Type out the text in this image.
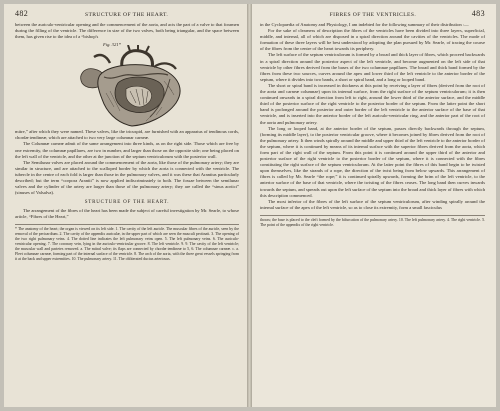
482	STRUCTURE OF THE HEART.

between the auriculo-ventricular opening and the commencement of the aorta, and acts the part of a valve to that foramen during the filling of the ventricle. The difference in size of the two valves, both being triangular, and the space between them, has given rise to the idea of a “bishop's

Fig. 321*

mitre,” after which they were named. These valves, like the tricuspid, are furnished with an apparatus of tendinous cords, chordæ tendineæ, which are attached to two very large columnar carneæ.

The Columnæ carneæ admit of the same arrangement into three kinds, as on the right side. Those which are free by one extremity, the columnæ papillares, are two in number, and larger than those on the opposite side; one being placed on the left wall of the ventricle, and the other at the junction of the septum ventriculorum with the posterior wall.

The Semilunar valves are placed around the commencement of the aorta, like those of the pulmonary artery; they are similar in structure, and are attached to the scalloped border by which the aorta is connected with the ventricle. The tubercle in the centre of each fold is larger than those in the pulmonary valves, and it was these that Arantius particularly described; but the term “corpora Arantii” is now applied indiscriminately to both. The fossae between the semilunar valves and the cylinder of the artery are larger than those of the pulmonary artery; they are called the “sinus aortici” (sinuses of Valsalva).

STRUCTURE OF THE HEART.

The arrangement of the fibres of the heart has been made the subject of careful investigation by Mr. Searle, to whose article, “Fibres of the Heart,”

* The anatomy of the heart; the organ is viewed on its left side. 1. The cavity of the left auricle. The muscular fibres of the auricle, seen by the removal of the pericardium. 2. The cavity of the appendix auriculæ, in the upper part of which are seen the musculi pectinati. 3. The opening of the two right pulmonary veins. 4. The dotted line indicates the left pulmonary veins open. 5. The left pulmonary veins. 6. The auriculo-ventricular opening. 7. The coronary vein, lying in the auriculo-ventricular groove. 8. The left ventricle. 9. 9. The cavity of the left ventricle; the muscular wall and parietes removed. a. The mitral valve; its flaps are connected by chordæ tendineæ to 5, 6. The columnae carneæ. c. a. Fleet columnae carneæ, forming part of the internal surface of the ventricle. 8. The arch of the aorta, with the three great vessels springing from it at the back and upper extremities. 10. The pulmonary artery. 11. The obliterated ductus arteriosus.
FIBRES OF THE VENTRICLES.	483

in the Cyclopaedia of Anatomy and Physiology, I am indebted for the following summary of their distribution :—

For the sake of clearness of description the fibres of the ventricles have been divided into three layers, superficial, middle, and internal, all of which are disposed in a spiral direction around the cavities of the ventricles. The mode of formation of these three layers will be best understood by adopting the plan pursued by Mr. Searle, of tracing the course of the fibres from the centre of the heart towards its periphery.

The left surface of the septum ventriculorum is formed by a broad and thick layer of fibres, which proceed backwards in a spiral direction around the posterior aspect of the left ventricle, and become augmented on the left side of that ventricle by other fibres derived from the bases of the two columnae papillares. The broad and thick band formed by the fibres from these two sources, curves around the apex and lower third of the left ventricle to the anterior border of the septum, where it divides into two bands, a short or spiral band, and a long or looped band.

The short or spiral band is increased in thickness at this point by receiving a layer of fibres (derived from the root of the aorta and carneæ columnae) upon its internal surface, from the right surface of the septum ventriculorum; it is then continued onwards in a spiral direction from left to right, around the lower third of the anterior surface, and the middle third of the posterior surface of the right ventricle to the posterior border of the septum. From the latter point the short band is prolonged around the posterior and outer border of the left ventricle to the anterior surface of the base of that ventricle, and is inserted into the anterior border of the left auriculo-ventricular ring, and the anterior part of the root of the aorta and pulmonary artery.

The long or looped band, at the anterior border of the septum, passes directly backwards through the septum, (forming its middle layer), to the posterior ventricular groove, where it becomes joined by fibres derived from the root of the pulmonary artery. It then winds spirally around the middle and upper third of the left ventricle to the anterior border of the septum, where it is continued by means of its internal surface with the superior fibres derived from the aorta, which form part of the right wall of the septum. From this point it is continued around the upper third of the anterior and posterior surface of the right ventricle to the posterior border of the septum, where it is connected with the fibres constituting the right surface of the septum ventriculorum. At the latter point the fibres of this band begin to be twisted upon themselves, like the strands of a rope, the direction of the twist being from below upwards. This arrangement of fibres is called by Mr. Searle “the rope;” it is continued spirally upwards, forming the brim of the left ventricle, to the anterior surface of the base of that ventricle, where the twisting of the fibres ceases. The long band then curves inwards towards the septum, and spreads out upon the left surface of the septum into the broad and thick layer of fibres with which this description commenced.

The most inferior of the fibres of the left surface of the septum ventriculorum, after winding spirally around the internal surface of the apex of the left ventricle, so as to close its extremity, form a small fasciculus

thorax; the base is placed to the cleft formed by the bifurcation of the pulmonary artery. 10. The left pulmonary artery. 4. The right ventricle. 5. The point of the appendix of the right ventricle.
